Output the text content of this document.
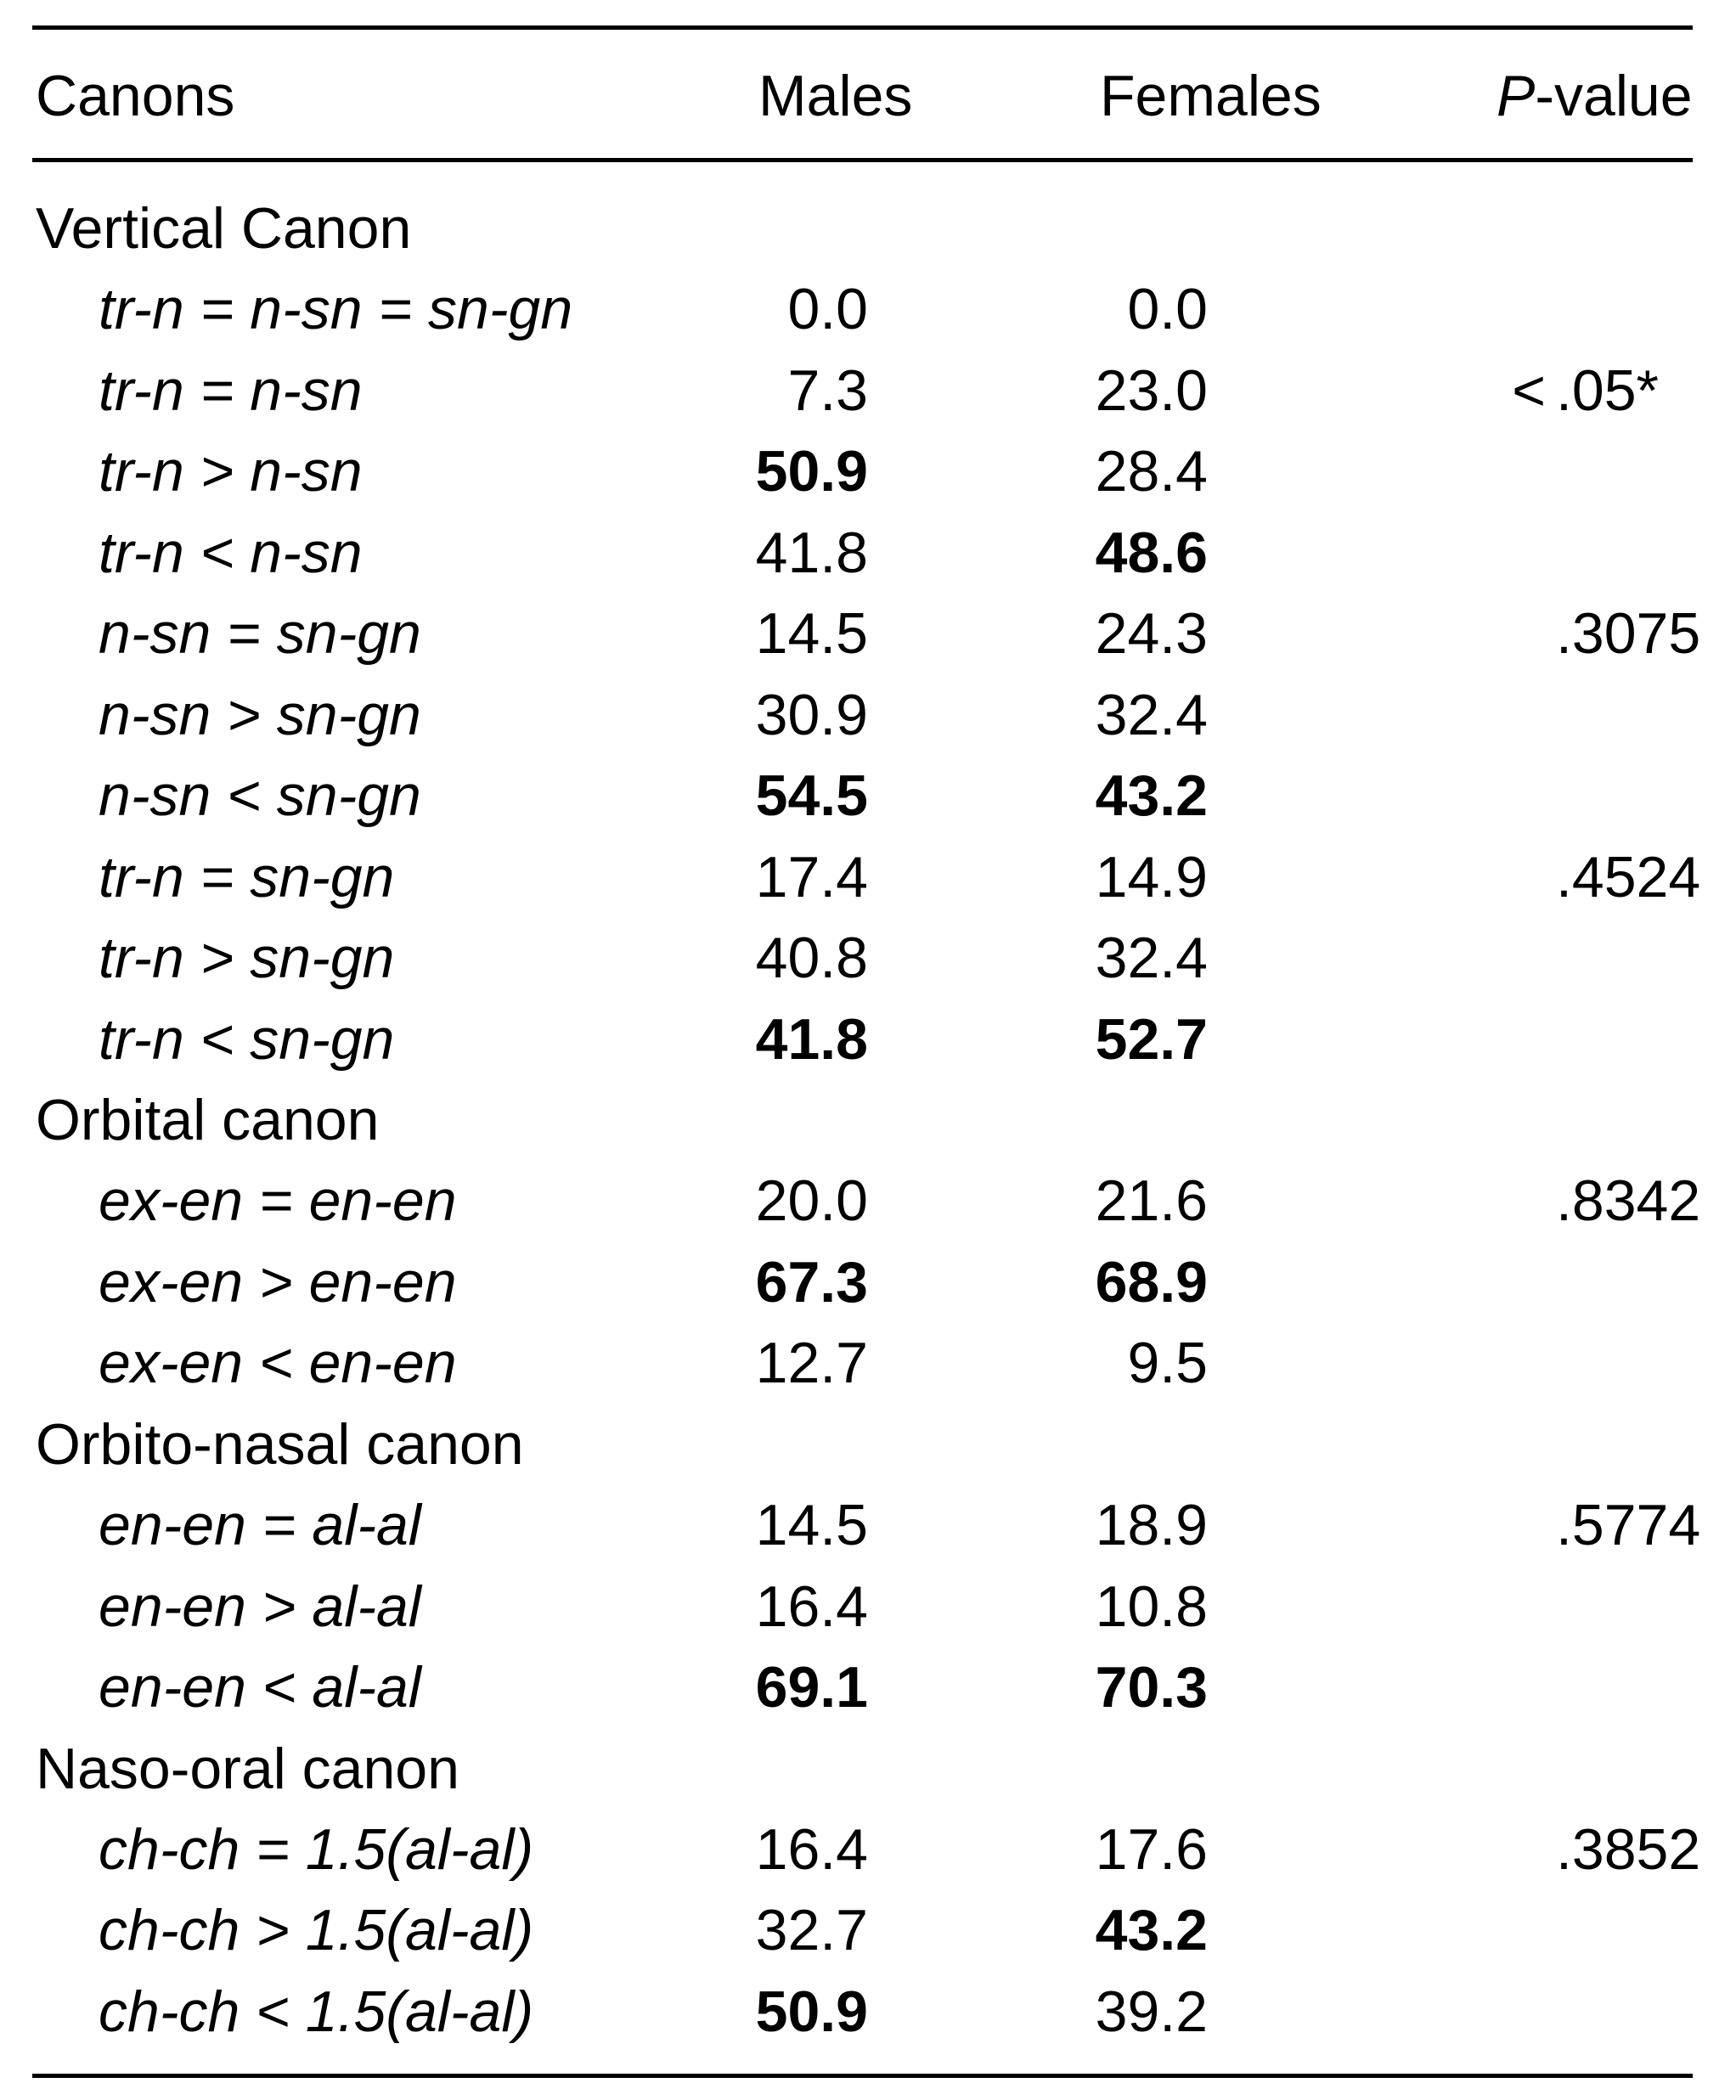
Canons	Males	Females	P-value
Vertical Canon
tr-n = n-sn = sn-gn	0.0	0.0
tr-n = n-sn	7.3	23.0	< .05*
tr-n > n-sn	50.9	28.4
tr-n < n-sn	41.8	48.6
n-sn = sn-gn	14.5	24.3	.3075
n-sn > sn-gn	30.9	32.4
n-sn < sn-gn	54.5	43.2
tr-n = sn-gn	17.4	14.9	.4524
tr-n > sn-gn	40.8	32.4
tr-n < sn-gn	41.8	52.7
Orbital canon
ex-en = en-en	20.0	21.6	.8342
ex-en > en-en	67.3	68.9
ex-en < en-en	12.7	9.5
Orbito-nasal canon
en-en = al-al	14.5	18.9	.5774
en-en > al-al	16.4	10.8
en-en < al-al	69.1	70.3
Naso-oral canon
ch-ch = 1.5(al-al)	16.4	17.6	.3852
ch-ch > 1.5(al-al)	32.7	43.2
ch-ch < 1.5(al-al)	50.9	39.2
